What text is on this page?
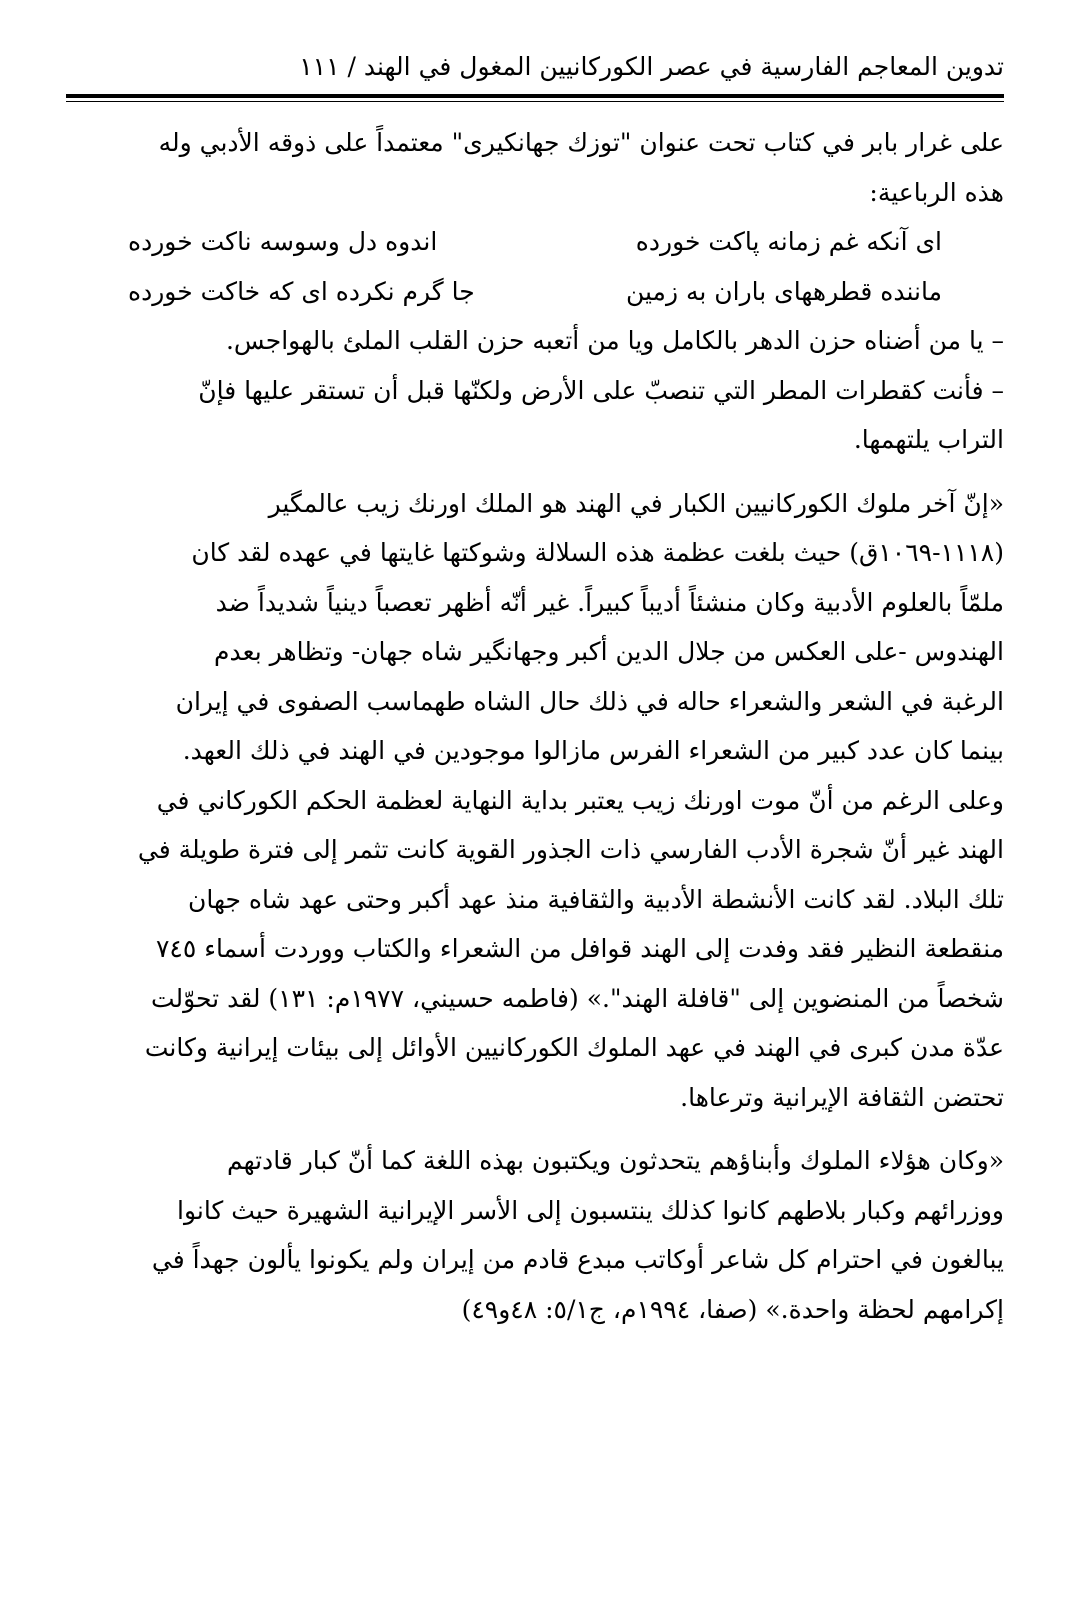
تدوين المعاجم الفارسية في عصر الكوركانيين المغول في الهند / ١١١

على غرار بابر في كتاب تحت عنوان "توزك جهانكيرى" معتمداً على ذوقه الأدبي وله

هذه الرباعية:

اى آنكه غم زمانه پاكت خورده
اندوه دل وسوسه ناكت خورده
ماننده قطرههاى باران به زمين
جا گرم نكرده اى كه خاكت خورده

– يا من أضناه حزن الدهر بالكامل ويا من أتعبه حزن القلب الملئ بالهواجس.

– فأنت كقطرات المطر التي تنصبّ على الأرض ولكنّها قبل أن تستقر عليها فإنّ

التراب يلتهمها.

«إنّ آخر ملوك الكوركانيين الكبار في الهند هو الملك اورنك زيب عالمگير

(١١١٨-١٠٦٩ق) حيث بلغت عظمة هذه السلالة وشوكتها غايتها في عهده لقد كان

ملمّاً بالعلوم الأدبية وكان منشئاً أديباً كبيراً. غير أنّه أظهر تعصباً دينياً شديداً ضد

الهندوس -على العكس من جلال الدين أكبر وجهانگير شاه جهان- وتظاهر بعدم

الرغبة في الشعر والشعراء حاله في ذلك حال الشاه طهماسب الصفوى في إيران

بينما كان عدد كبير من الشعراء الفرس مازالوا موجودين في الهند في ذلك العهد.

وعلى الرغم من أنّ موت اورنك زيب يعتبر بداية النهاية لعظمة الحكم الكوركاني في

الهند غير أنّ شجرة الأدب الفارسي ذات الجذور القوية كانت تثمر إلى فترة طويلة في

تلك البلاد. لقد كانت الأنشطة الأدبية والثقافية منذ عهد أكبر وحتى عهد شاه جهان

منقطعة النظير فقد وفدت إلى الهند قوافل من الشعراء والكتاب ووردت أسماء ٧٤٥

شخصاً من المنضوين إلى "قافلة الهند".» (فاطمه حسيني، ١٩٧٧م: ١٣١) لقد تحوّلت

عدّة مدن كبرى في الهند في عهد الملوك الكوركانيين الأوائل إلى بيئات إيرانية وكانت

تحتضن الثقافة الإيرانية وترعاها.

«وكان هؤلاء الملوك وأبناؤهم يتحدثون ويكتبون بهذه اللغة كما أنّ كبار قادتهم

ووزرائهم وكبار بلاطهم كانوا كذلك ينتسبون إلى الأسر الإيرانية الشهيرة حيث كانوا

يبالغون في احترام كل شاعر أوكاتب مبدع قادم من إيران ولم يكونوا يألون جهداً في

إكرامهم لحظة واحدة.» (صفا، ١٩٩٤م، ج٥/١: ٤٨و٤٩)
